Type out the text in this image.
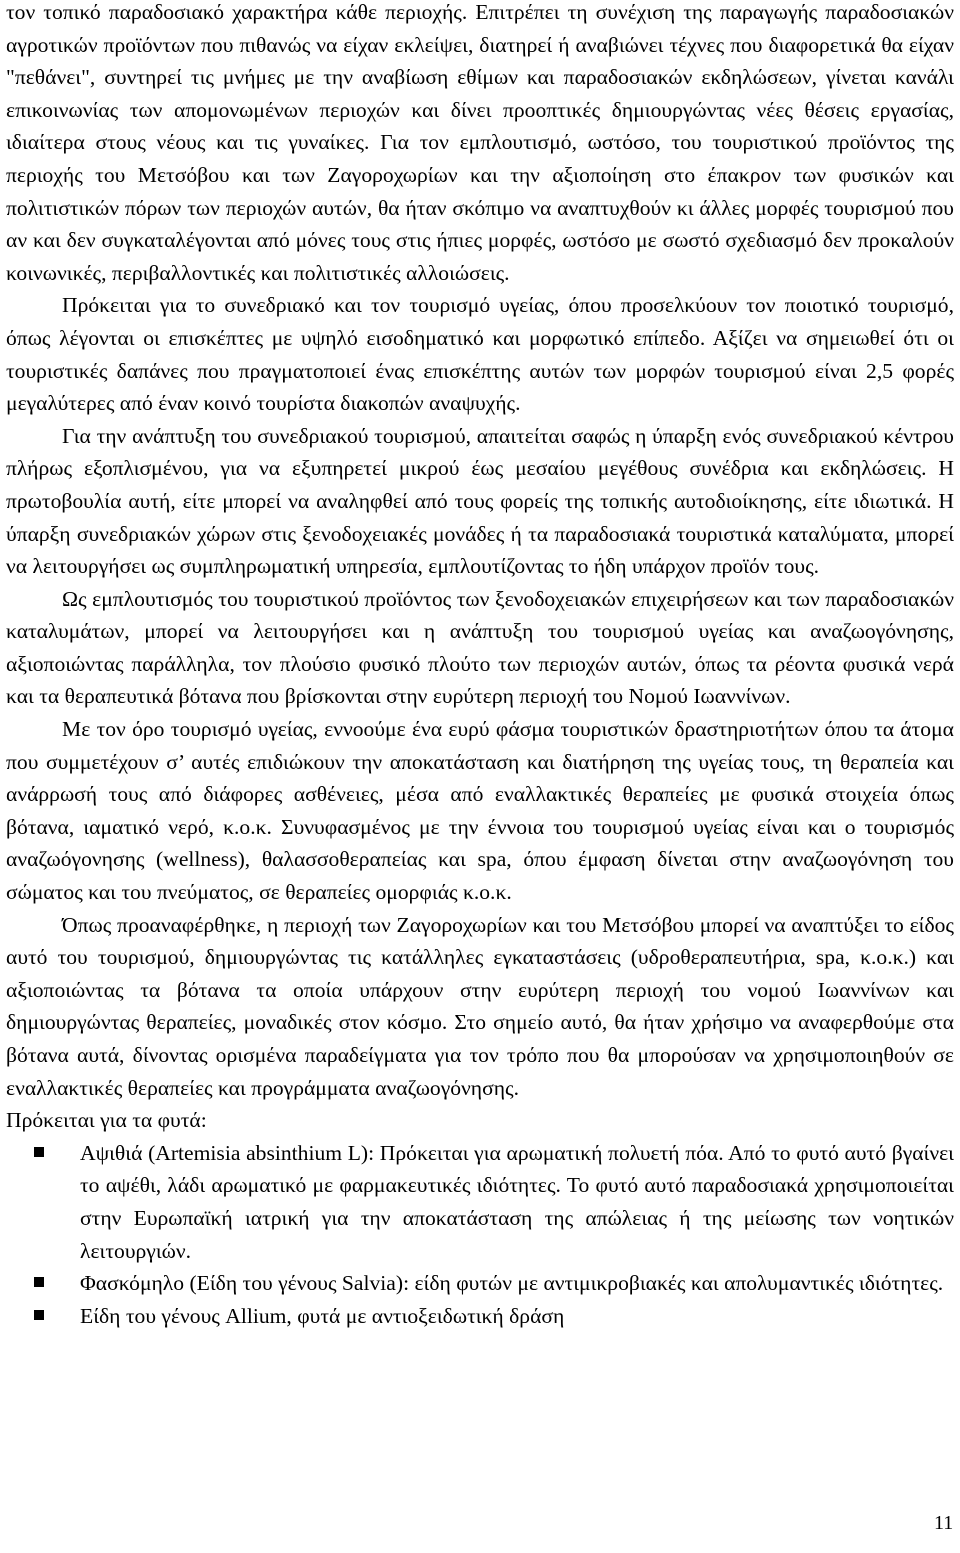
τον τοπικό παραδοσιακό χαρακτήρα κάθε περιοχής. Επιτρέπει τη συνέχιση της παραγωγής παραδοσιακών αγροτικών προϊόντων που πιθανώς να είχαν εκλείψει, διατηρεί ή αναβιώνει τέχνες που διαφορετικά θα είχαν "πεθάνει", συντηρεί τις μνήμες με την αναβίωση εθίμων και παραδοσιακών εκδηλώσεων, γίνεται κανάλι επικοινωνίας των απομονωμένων περιοχών και δίνει προοπτικές δημιουργώντας νέες θέσεις εργασίας, ιδιαίτερα στους νέους και τις γυναίκες. Για τον εμπλουτισμό, ωστόσο, του τουριστικού προϊόντος της περιοχής του Μετσόβου και των Ζαγοροχωρίων και την αξιοποίηση στο έπακρον των φυσικών και πολιτιστικών πόρων των περιοχών αυτών, θα ήταν σκόπιμο να αναπτυχθούν κι άλλες μορφές τουρισμού που αν και δεν συγκαταλέγονται από μόνες τους στις ήπιες μορφές, ωστόσο με σωστό σχεδιασμό δεν προκαλούν κοινωνικές, περιβαλλοντικές και πολιτιστικές αλλοιώσεις.

Πρόκειται για το συνεδριακό και τον τουρισμό υγείας, όπου προσελκύουν τον ποιοτικό τουρισμό, όπως λέγονται οι επισκέπτες με υψηλό εισοδηματικό και μορφωτικό επίπεδο. Αξίζει να σημειωθεί ότι οι τουριστικές δαπάνες που πραγματοποιεί ένας επισκέπτης αυτών των μορφών τουρισμού είναι 2,5 φορές μεγαλύτερες από έναν κοινό τουρίστα διακοπών αναψυχής.

Για την ανάπτυξη του συνεδριακού τουρισμού, απαιτείται σαφώς η ύπαρξη ενός συνεδριακού κέντρου πλήρως εξοπλισμένου, για να εξυπηρετεί μικρού έως μεσαίου μεγέθους συνέδρια και εκδηλώσεις. Η πρωτοβουλία αυτή, είτε μπορεί να αναληφθεί από τους φορείς της τοπικής αυτοδιοίκησης, είτε ιδιωτικά. Η ύπαρξη συνεδριακών χώρων στις ξενοδοχειακές μονάδες ή τα παραδοσιακά τουριστικά καταλύματα, μπορεί να λειτουργήσει ως συμπληρωματική υπηρεσία, εμπλουτίζοντας το ήδη υπάρχον προϊόν τους.

Ως εμπλουτισμός του τουριστικού προϊόντος των ξενοδοχειακών επιχειρήσεων και των παραδοσιακών καταλυμάτων, μπορεί να λειτουργήσει και η ανάπτυξη του τουρισμού υγείας και αναζωογόνησης, αξιοποιώντας παράλληλα, τον πλούσιο φυσικό πλούτο των περιοχών αυτών, όπως τα ρέοντα φυσικά νερά και τα θεραπευτικά βότανα που βρίσκονται στην ευρύτερη περιοχή του Νομού Ιωαννίνων.

Με τον όρο τουρισμό υγείας, εννοούμε ένα ευρύ φάσμα τουριστικών δραστηριοτήτων όπου τα άτομα που συμμετέχουν σ’ αυτές επιδιώκουν την αποκατάσταση και διατήρηση της υγείας τους, τη θεραπεία και ανάρρωσή τους από διάφορες ασθένειες, μέσα από εναλλακτικές θεραπείες με φυσικά στοιχεία όπως βότανα, ιαματικό νερό, κ.ο.κ. Συνυφασμένος με την έννοια του τουρισμού υγείας είναι και ο τουρισμός αναζωόγονησης (wellness), θαλασσοθεραπείας και spa, όπου έμφαση δίνεται στην αναζωογόνηση του σώματος και του πνεύματος, σε θεραπείες ομορφιάς κ.ο.κ.

Όπως προαναφέρθηκε, η περιοχή των Ζαγοροχωρίων και του Μετσόβου μπορεί να αναπτύξει το είδος αυτό του τουρισμού, δημιουργώντας τις κατάλληλες εγκαταστάσεις (υδροθεραπευτήρια, spa, κ.ο.κ.) και αξιοποιώντας τα βότανα τα οποία υπάρχουν στην ευρύτερη περιοχή του νομού Ιωαννίνων και δημιουργώντας θεραπείες, μοναδικές στον κόσμο. Στο σημείο αυτό, θα ήταν χρήσιμο να αναφερθούμε στα βότανα αυτά, δίνοντας ορισμένα παραδείγματα για τον τρόπο που θα μπορούσαν να χρησιμοποιηθούν σε εναλλακτικές θεραπείες και προγράμματα αναζωογόνησης.

Πρόκειται για τα φυτά:

Αψιθιά (Artemisia absinthium L): Πρόκειται για αρωματική πολυετή πόα. Από το φυτό αυτό βγαίνει το αψέθι, λάδι αρωματικό με φαρμακευτικές ιδιότητες. Το φυτό αυτό παραδοσιακά χρησιμοποιείται στην Ευρωπαϊκή ιατρική για την αποκατάσταση της απώλειας ή της μείωσης των νοητικών λειτουργιών.
Φασκόμηλο (Είδη του γένους Salvia): είδη φυτών με αντιμικροβιακές και απολυμαντικές ιδιότητες.
Είδη του γένους Allium, φυτά με αντιοξειδωτική δράση
11
